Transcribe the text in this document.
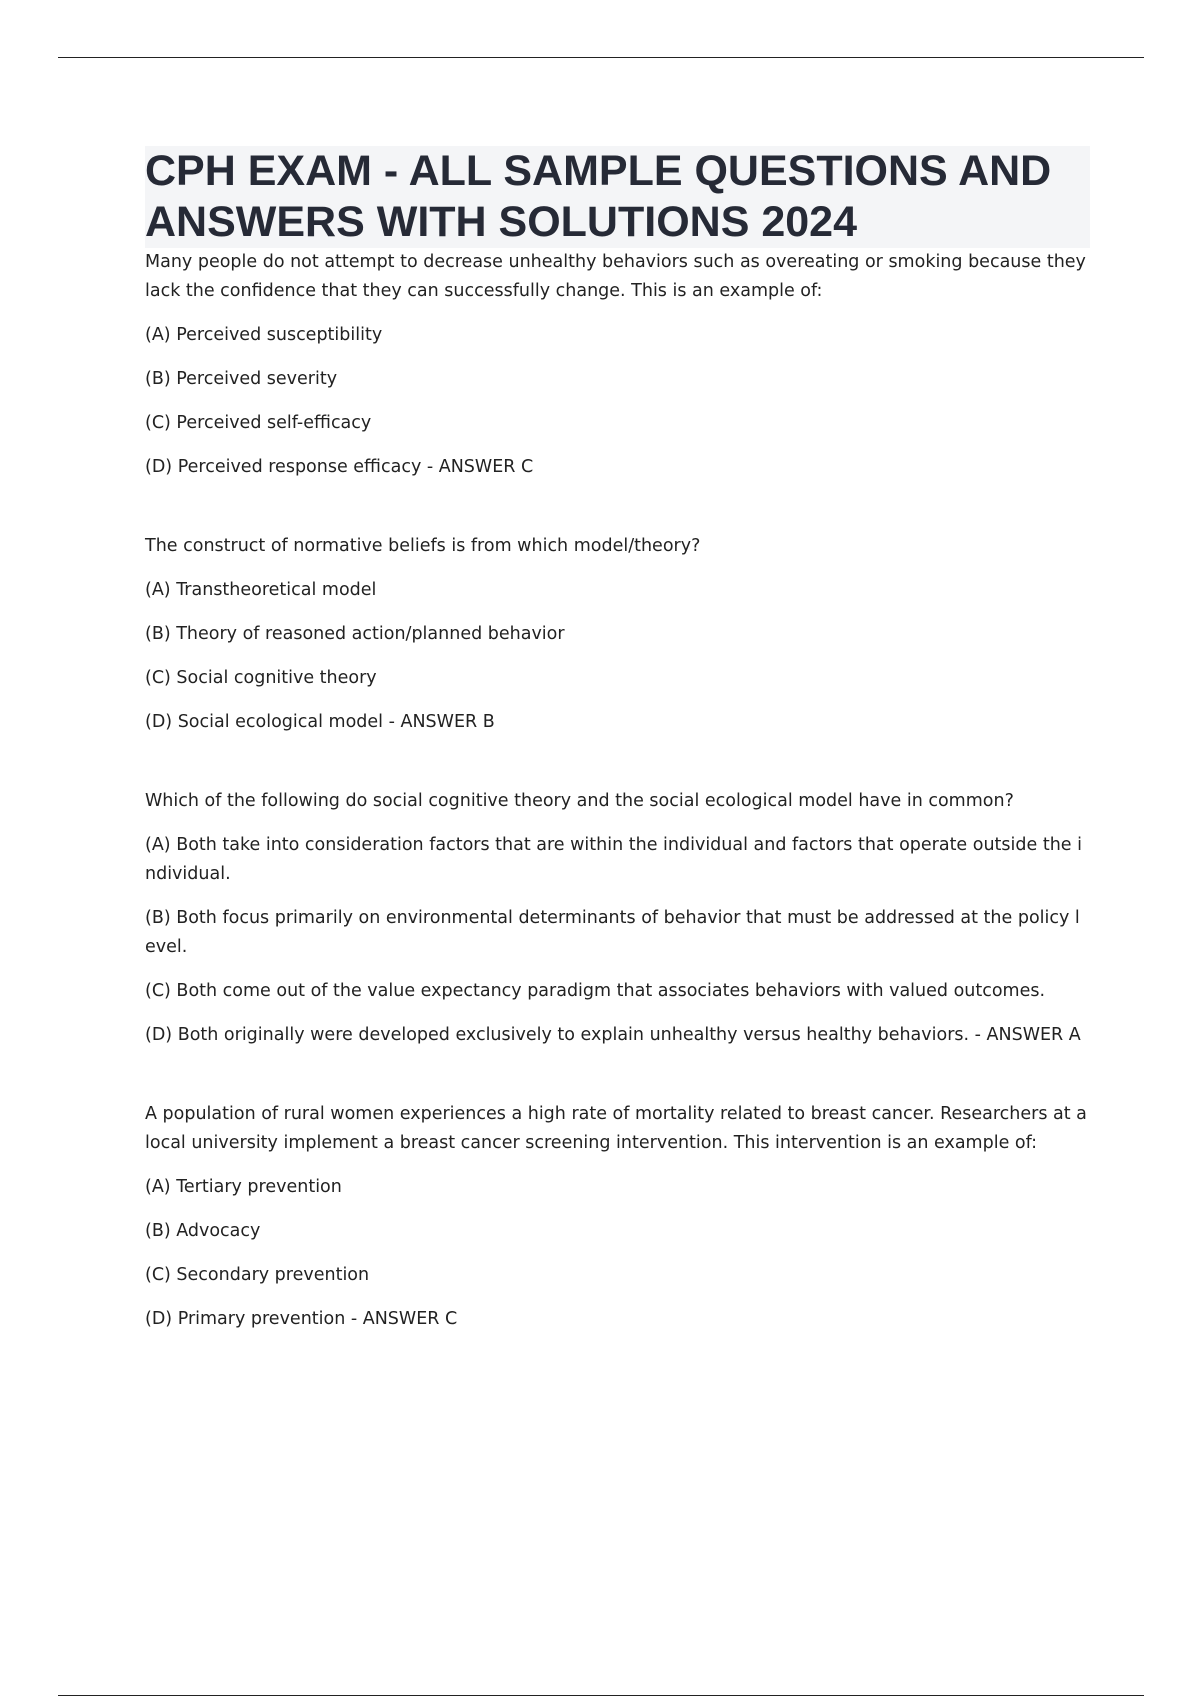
CPH EXAM - ALL SAMPLE QUESTIONS AND ANSWERS WITH SOLUTIONS 2024

Many people do not attempt to decrease unhealthy behaviors such as overeating or smoking because they lack the confidence that they can successfully change. This is an example of:

(A) Perceived susceptibility

(B) Perceived severity

(C) Perceived self-efficacy

(D) Perceived response efficacy - ANSWER C

The construct of normative beliefs is from which model/theory?

(A) Transtheoretical model

(B) Theory of reasoned action/planned behavior

(C) Social cognitive theory

(D) Social ecological model - ANSWER B

Which of the following do social cognitive theory and the social ecological model have in common?

(A) Both take into consideration factors that are within the individual and factors that operate outside the individual.

(B) Both focus primarily on environmental determinants of behavior that must be addressed at the policy level.

(C) Both come out of the value expectancy paradigm that associates behaviors with valued outcomes.

(D) Both originally were developed exclusively to explain unhealthy versus healthy behaviors. - ANSWER A

A population of rural women experiences a high rate of mortality related to breast cancer. Researchers at a local university implement a breast cancer screening intervention. This intervention is an example of:

(A) Tertiary prevention

(B) Advocacy

(C) Secondary prevention

(D) Primary prevention - ANSWER C
